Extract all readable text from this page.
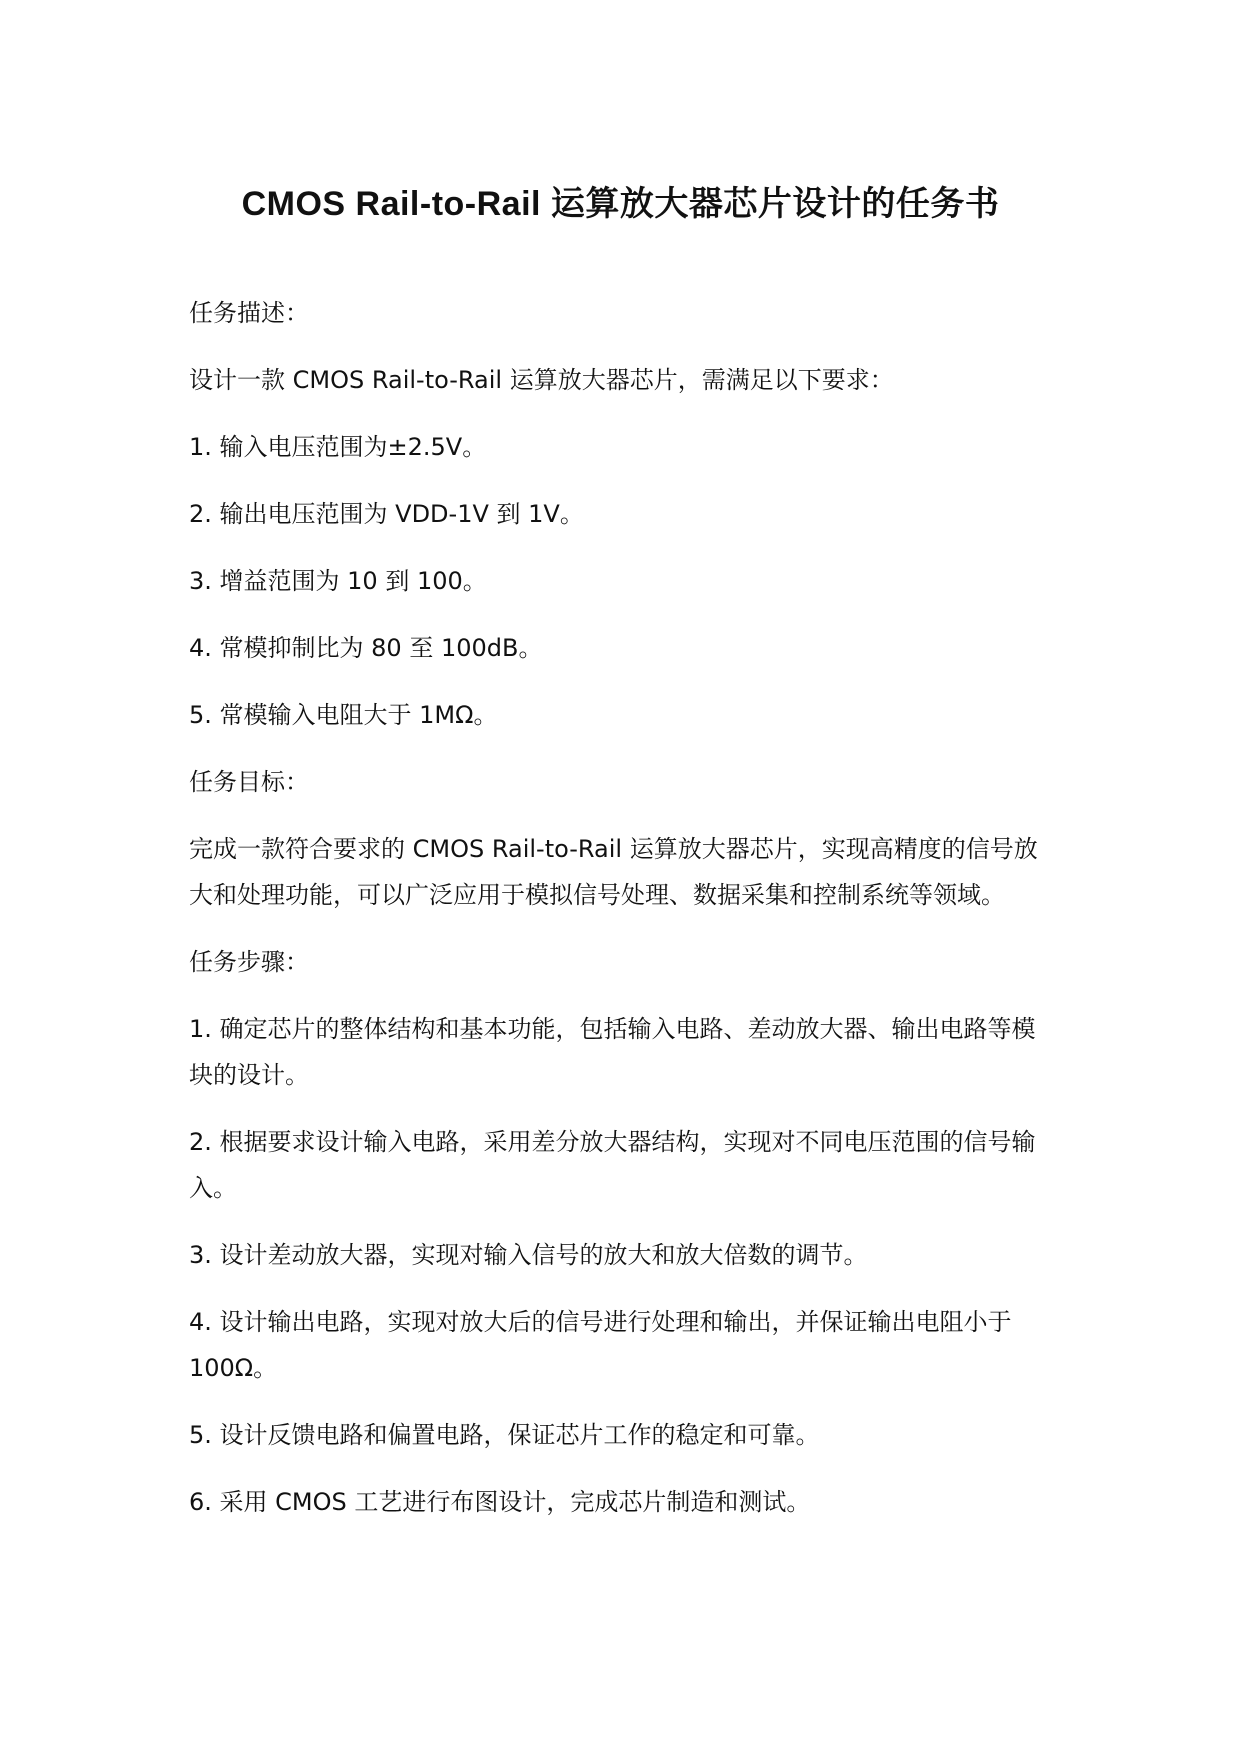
CMOS Rail-to-Rail 运算放大器芯片设计的任务书

任务描述：

设计一款 CMOS Rail-to-Rail 运算放大器芯片，需满足以下要求：

1. 输入电压范围为±2.5V。

2. 输出电压范围为 VDD-1V 到 1V。

3. 增益范围为 10 到 100。

4. 常模抑制比为 80 至 100dB。

5. 常模输入电阻大于 1MΩ。

任务目标：

完成一款符合要求的 CMOS Rail-to-Rail 运算放大器芯片，实现高精度的信号放大和处理功能，可以广泛应用于模拟信号处理、数据采集和控制系统等领域。

任务步骤：

1. 确定芯片的整体结构和基本功能，包括输入电路、差动放大器、输出电路等模块的设计。

2. 根据要求设计输入电路，采用差分放大器结构，实现对不同电压范围的信号输入。

3. 设计差动放大器，实现对输入信号的放大和放大倍数的调节。

4. 设计输出电路，实现对放大后的信号进行处理和输出，并保证输出电阻小于 100Ω。

5. 设计反馈电路和偏置电路，保证芯片工作的稳定和可靠。

6. 采用 CMOS 工艺进行布图设计，完成芯片制造和测试。
